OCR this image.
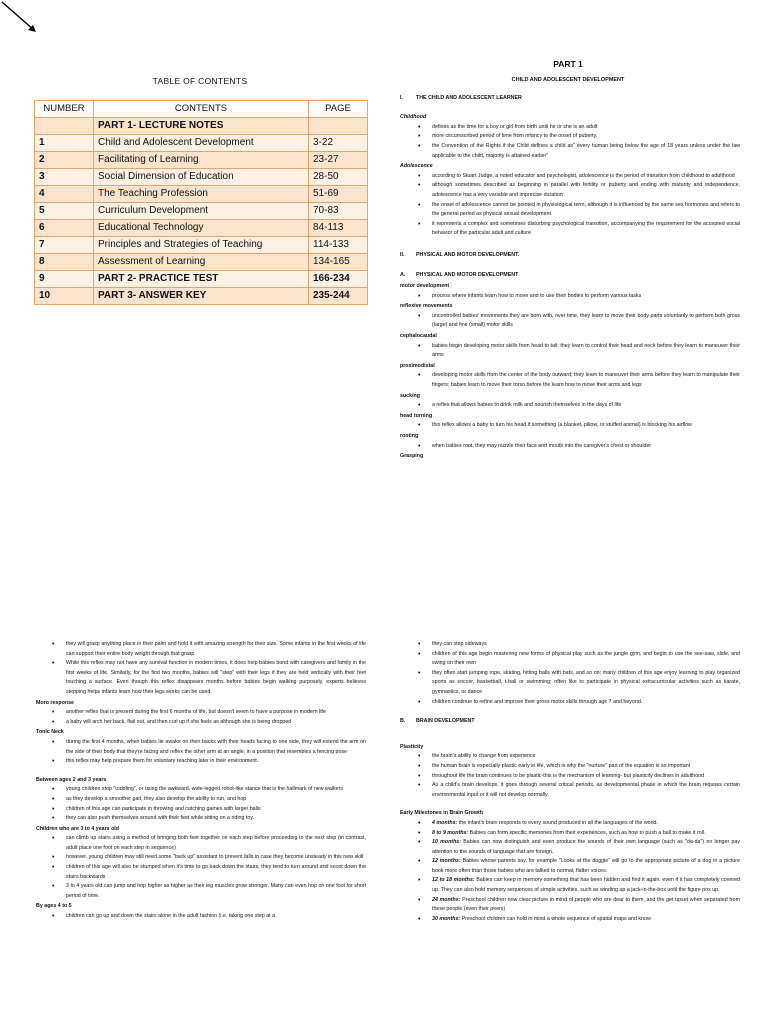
TABLE OF CONTENTS
NUMBER	CONTENTS	PAGE
	PART 1- LECTURE NOTES	
1	Child and Adolescent Development	3-22
2	Facilitating of Learning	23-27
3	Social Dimension of Education	28-50
4	The Teaching Profession	51-69
5	Curriculum Development	70-83
6	Educational Technology	84-113
7	Principles and Strategies of Teaching	114-133
8	Assessment of Learning	134-165
9	PART 2- PRACTICE TEST	166-234
10	PART 3- ANSWER KEY	235-244
PART 1
CHILD AND ADOLESCENT DEVELOPMENT
I. THE CHILD AND ADOLESCENT LEARNER
Childhood
• defines as the time for a boy or girl from birth until he or she is an adult
• more circumscribed period of time from infancy to the onset of puberty.
• the Convention of the Rights if the Child defines a child as" every human being below the age of 18 years unless under the law applicable to the child, majority is attained earlier"
Adolescence
• according to Stuart Judge, a noted educator and psychologist, adolescence is the period of transition from childhood to adulthood
• although sometimes described as beginning in parallel with fertility or puberty and ending with maturity and independence, adolescence has a very variable and imprecise duration
• the onset of adolescence cannot be pointed in physiological term, although it is influenced by the same sex hormones and refers to the general period as physical sexual development
• it represents a complex and sometimes disturbing psychological transition, accompanying the requirement for the accepted social behavior of the particular adult and culture
II. PHYSICAL AND MOTOR DEVELOPMENT.
A. PHYSICAL AND MOTOR DEVELOPMENT
motor development
• process where infants learn how to move and to use their bodies to perform various tasks
reflexive movements
• uncontrolled babies' movements they are born with, over time, they learn to move their body parts voluntarily to perform both gross (large) and fine (small) motor skills
cephalocaudal
• babies begin developing motor skills from head to tail; they learn to control their head and neck before they learn to maneuver their arms
proximodistal
• developing motor skills from the center of the body outward; they learn to maneuver their arms before they learn to manipulate their fingers; babies learn to move their torso before the learn how to move their arms and legs
sucking
• a reflex that allows babies to drink milk and nourish themselves in the days of life
head turning
• this reflex allows a baby to turn his head if something (a blanket, pillow, or stuffed animal) is blocking his airflow
rooting
• when babies root, they may nuzzle their face and mouth into the caregiver's chest or shoulder
Grasping
• they will grasp anything place in their palm and hold it with amazing strength for their size. Some infants in the first weeks of life can support their entire body weight through that grasp
• While this reflex may not have any survival function in modern times, it does help babies bond with caregivers and family in the first weeks of life. Similarly, for the first two months, babies will "step" with their legs if they are held vertically with their feet touching a surface. Even though this reflex disappears months before babies begin walking purposely, experts believes stepping helps infants learn how their legs works can be used.
Moro response
• another reflex that is present during the first 6 months of life, but doesn't seem to have a purpose in modern life
• a baby will arch her back, flail out, and then curl up if she feels as although she is being dropped
Tonic Neck
• during the first 4 months, when babies lie awake on their backs with their heads facing to one side, they will extend the arm on the side of their body that they're facing and reflex the other arm at an angle, in a position that resembles a fencing pose
• this reflex may help prepare them for voluntary reaching later in their environment.
Between ages 2 and 3 years
• young children stop "toddling", or using the awkward, wide-legged robot-like stance that is the hallmark of new walkers
• as they develop a smoother gait, they also develop the ability to run, and hop
• children of this age can participate in throwing and catching games with larger balls
• they can also push themselves around with their feet while sitting on a riding toy.
Children who are 3 to 4 years old
• can climb up stairs using a method of bringing both feet together on each step before proceeding to the next step (in contrast, adult place one foot on each step in sequence)
• however, young children may still need some "back up" assistant to prevent falls in case they become unsteady in this new skill
• children of this age will also be stumped when it's time to go back down the stairs; they tend to turn around and scoot down the stairs backwards
• 3 to 4 years old can jump and hop higher as higher as their leg muscles grow stronger. Many can even hop on one foot for short period of time.
By ages 4 to 5
• children can go up and down the stairs alone in the adult fashion (i.e. taking one step at a
• they can step sideways
• children of this age begin mastering new forms of physical play such as the jungle gym, and begin to use the see-saw, slide, and swing on their own
• they often start jumping rope, skating, hitting balls with bats, and so on; many children of this age enjoy learning to play organized sports as soccer, basketball, t-ball or swimming; often like to participate in physical extracurricular activities such as karate, gymnastics, or dance
• children continue to refine and improve their gross motor skills through age 7 and beyond.
B. BRAIN DEVELOPMENT
Plasticity
• the brain's ability to change from experience
• the human brain is especially plastic early in life, which is why the "nurture" part of the equation is so important
• throughout life the brain continues to be plastic-this is the mechanism of learning- but plasticity declines in adulthood
• As a child's brain develops, it goes through several critical periods, as developmental phase in which the brain requires certain environmental input or it will not develop normally.
Early Milestones in Brain Growth
• 4 months: the infant's brain responds to every sound produced in all the languages of the world.
• 8 to 9 months: Babies can form specific memories from their experiences, such as how to push a ball to make it roll.
• 10 months: Babies can now distinguish and even produce the sounds of their own language (such as "da-da") no longer pay attention to the sounds of language that are foreign.
• 12 months: Babies whose parents say, for example "Looks at the doggie" will go to the appropriate picture of a dog in a picture book more often than those babies who are talked to normal, flatter voices.
• 12 to 18 months: Babies can keep in memory something that has been hidden and find it again, even if it has completely covered up. They can also hold memory sequences of simple activities, such as winding up a jack-in-the-box until the figure pos up.
• 24 months: Preschool children now clear picture in mind of people who are dear to them, and the get upset when separated from these people (even their peers)
• 30 months: Preschool children can hold in mind a whole sequence of spatial maps and know
